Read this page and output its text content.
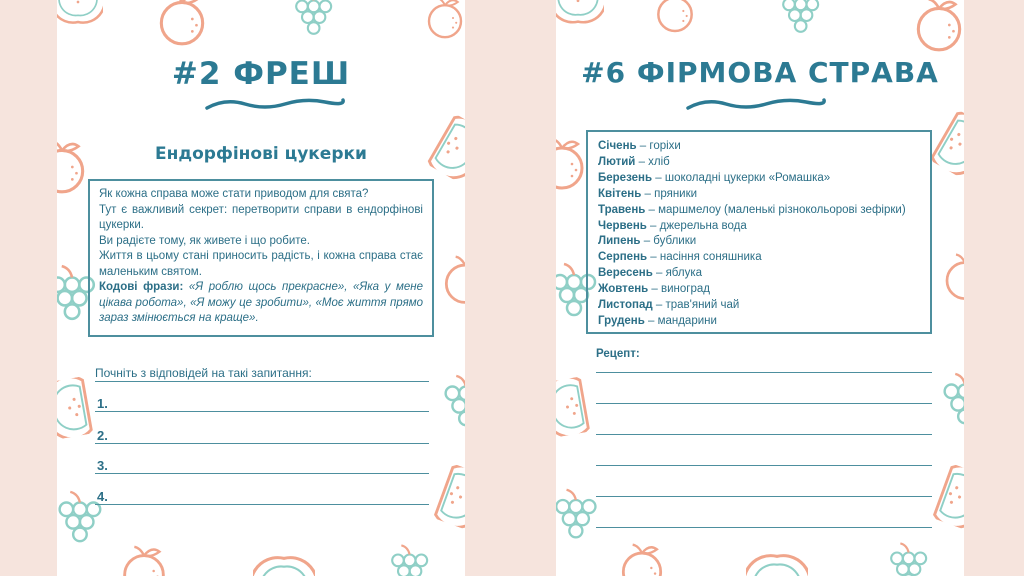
#2 ФРЕШ
Ендорфінові цукерки

Як кожна справа може стати приводом для свята?

Тут є важливий секрет: перетворити справи в ендорфінові цукерки.

Ви радієте тому, як живете і що робите.

Життя в цьому стані приносить радість, і кожна справа стає маленьким святом.

Кодові фрази: «Я роблю щось прекрасне», «Яка у мене цікава робота», «Я можу це зробити», «Моє життя прямо зараз змінюється на краще».

Почніть з відповідей на такі запитання:
1.
2.
3.
4.
#6 ФІРМОВА СТРАВА
Січень – горіхи
Лютий – хліб
Березень – шоколадні цукерки «Ромашка»
Квітень – пряники
Травень – маршмелоу (маленькі різнокольорові зефірки)
Червень – джерельна вода
Липень – бублики
Серпень – насіння соняшника
Вересень – яблука
Жовтень – виноград
Листопад – трав'яний чай
Грудень – мандарини
Рецепт:
